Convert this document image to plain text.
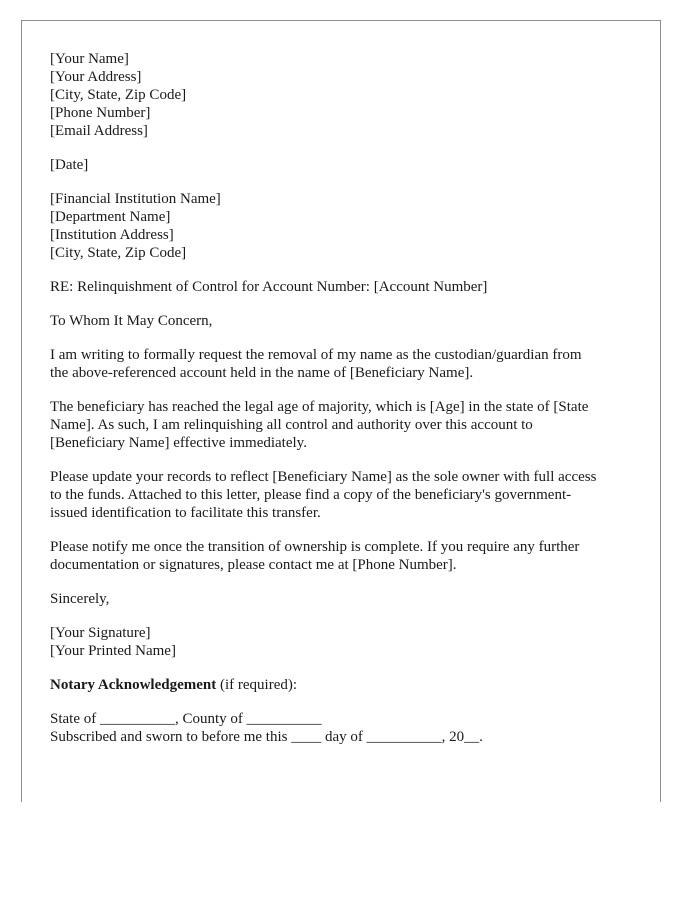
[Your Name]
[Your Address]
[City, State, Zip Code]
[Phone Number]
[Email Address]
[Date]
[Financial Institution Name]
[Department Name]
[Institution Address]
[City, State, Zip Code]
RE: Relinquishment of Control for Account Number: [Account Number]
To Whom It May Concern,
I am writing to formally request the removal of my name as the custodian/guardian from
the above-referenced account held in the name of [Beneficiary Name].
The beneficiary has reached the legal age of majority, which is [Age] in the state of [State
Name]. As such, I am relinquishing all control and authority over this account to
[Beneficiary Name] effective immediately.
Please update your records to reflect [Beneficiary Name] as the sole owner with full access
to the funds. Attached to this letter, please find a copy of the beneficiary's government-
issued identification to facilitate this transfer.
Please notify me once the transition of ownership is complete. If you require any further
documentation or signatures, please contact me at [Phone Number].
Sincerely,
[Your Signature]
[Your Printed Name]
Notary Acknowledgement (if required):
State of __________, County of __________
Subscribed and sworn to before me this ____ day of __________, 20__.
